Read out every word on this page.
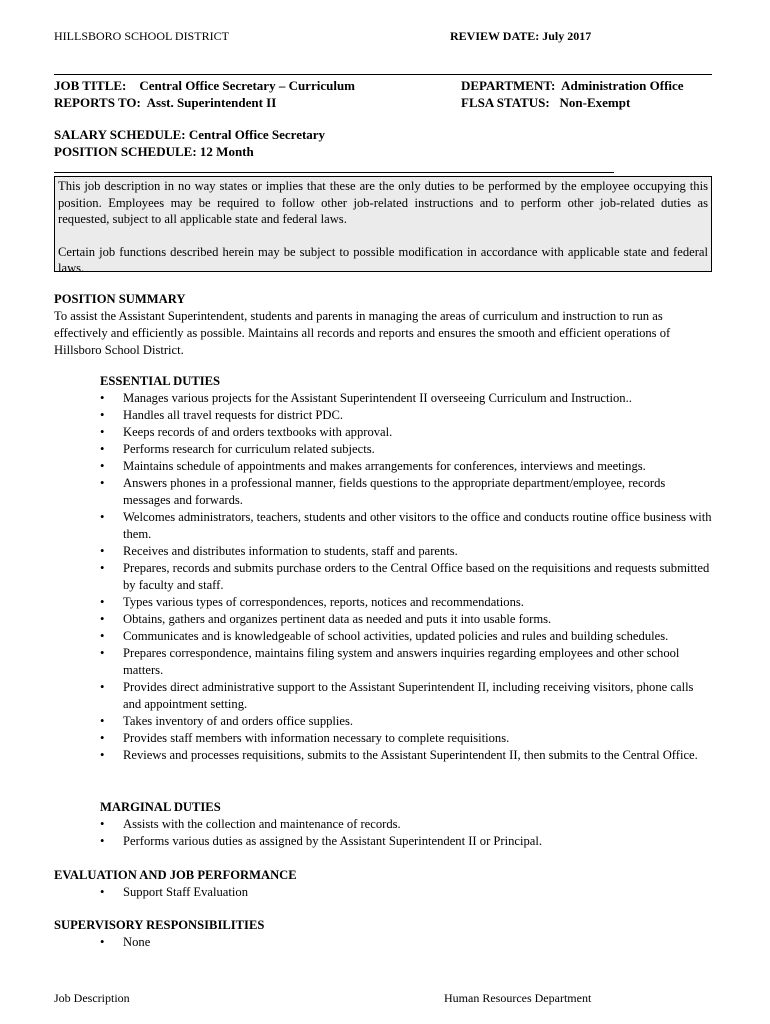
HILLSBORO SCHOOL DISTRICT	REVIEW DATE: July 2017
JOB TITLE:    Central Office Secretary – Curriculum	DEPARTMENT:  Administration Office
REPORTS TO:  Asst. Superintendent II	FLSA STATUS:   Non-Exempt
SALARY SCHEDULE: Central Office Secretary
POSITION SCHEDULE: 12 Month

This job description in no way states or implies that these are the only duties to be performed by the employee occupying this position. Employees may be required to follow other job-related instructions and to perform other job-related duties as requested, subject to all applicable state and federal laws.

Certain job functions described herein may be subject to possible modification in accordance with applicable state and federal laws.

POSITION SUMMARY
To assist the Assistant Superintendent, students and parents in managing the areas of curriculum and instruction to run as effectively and efficiently as possible. Maintains all records and reports and ensures the smooth and efficient operations of Hillsboro School District.
ESSENTIAL DUTIES
• Manages various projects for the Assistant Superintendent II overseeing Curriculum and Instruction..
• Handles all travel requests for district PDC.
• Keeps records of and orders textbooks with approval.
• Performs research for curriculum related subjects.
• Maintains schedule of appointments and makes arrangements for conferences, interviews and meetings.
• Answers phones in a professional manner, fields questions to the appropriate department/employee, records messages and forwards.
• Welcomes administrators, teachers, students and other visitors to the office and conducts routine office business with them.
• Receives and distributes information to students, staff and parents.
• Prepares, records and submits purchase orders to the Central Office based on the requisitions and requests submitted by faculty and staff.
• Types various types of correspondences, reports, notices and recommendations.
• Obtains, gathers and organizes pertinent data as needed and puts it into usable forms.
• Communicates and is knowledgeable of school activities, updated policies and rules and building schedules.
• Prepares correspondence, maintains filing system and answers inquiries regarding employees and other school matters.
• Provides direct administrative support to the Assistant Superintendent II, including receiving visitors, phone calls and appointment setting.
• Takes inventory of and orders office supplies.
• Provides staff members with information necessary to complete requisitions.
• Reviews and processes requisitions, submits to the Assistant Superintendent II, then submits to the Central Office.
MARGINAL DUTIES
• Assists with the collection and maintenance of records.
• Performs various duties as assigned by the Assistant Superintendent II or Principal.
EVALUATION AND JOB PERFORMANCE
• Support Staff Evaluation
SUPERVISORY RESPONSIBILITIES
• None
Job Description	Human Resources Department
